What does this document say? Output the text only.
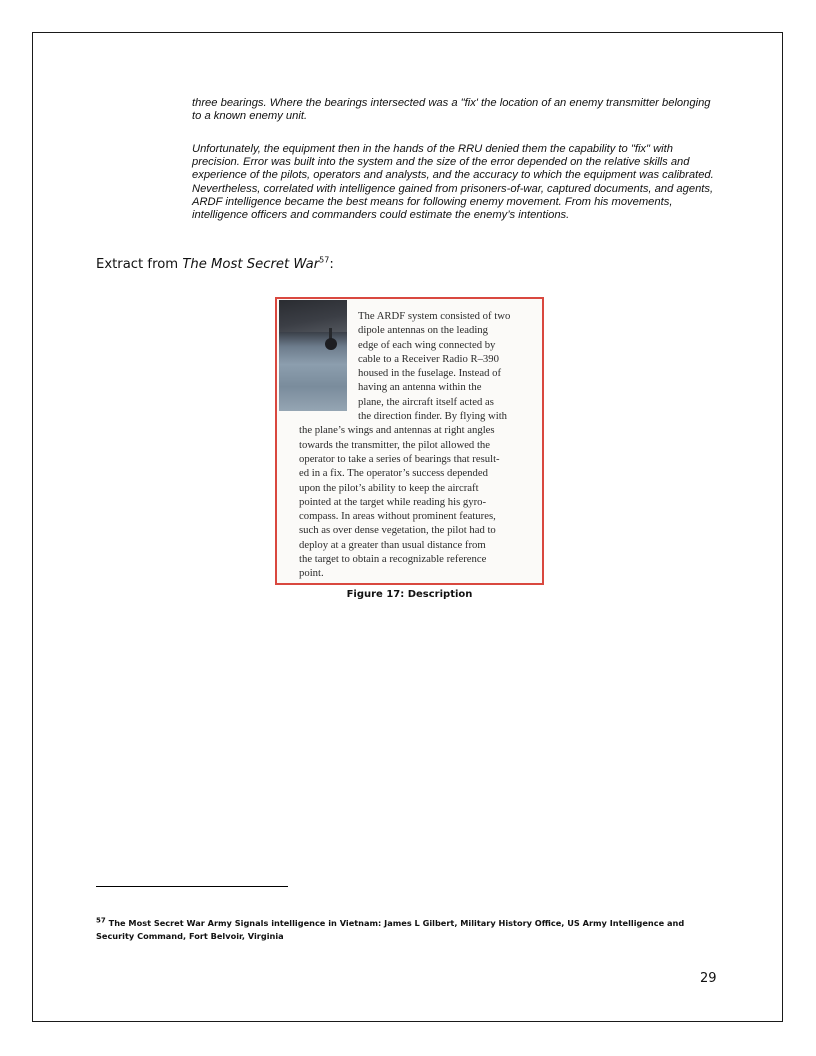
three bearings. Where the bearings intersected was a "fix' the location of an enemy transmitter belonging to a known enemy unit.

Unfortunately, the equipment then in the hands of the RRU denied them the capability to "fix" with precision. Error was built into the system and the size of the error depended on the relative skills and experience of the pilots, operators and analysts, and the accuracy to which the equipment was calibrated. Nevertheless, correlated with intelligence gained from prisoners-of-war, captured documents, and agents, ARDF intelligence became the best means for following enemy movement. From his movements, intelligence officers and commanders could estimate the enemy’s intentions.

Extract from The Most Secret War$^{57}$:
The ARDF system consisted of two
dipole antennas on the leading
edge of each wing connected by
cable to a Receiver Radio R–390
housed in the fuselage. Instead of
having an antenna within the
plane, the aircraft itself acted as
the direction finder. By flying with
the plane’s wings and antennas at right angles
towards the transmitter, the pilot allowed the
operator to take a series of bearings that result-
ed in a fix. The operator’s success depended
upon the pilot’s ability to keep the aircraft
pointed at the target while reading his gyro-
compass. In areas without prominent features,
such as over dense vegetation, the pilot had to
deploy at a greater than usual distance from
the target to obtain a recognizable reference
point.
Figure 17: Description
$^{57}$ The Most Secret War Army Signals intelligence in Vietnam: James L Gilbert, Military History Office, US Army Intelligence and Security Command, Fort Belvoir, Virginia
29
